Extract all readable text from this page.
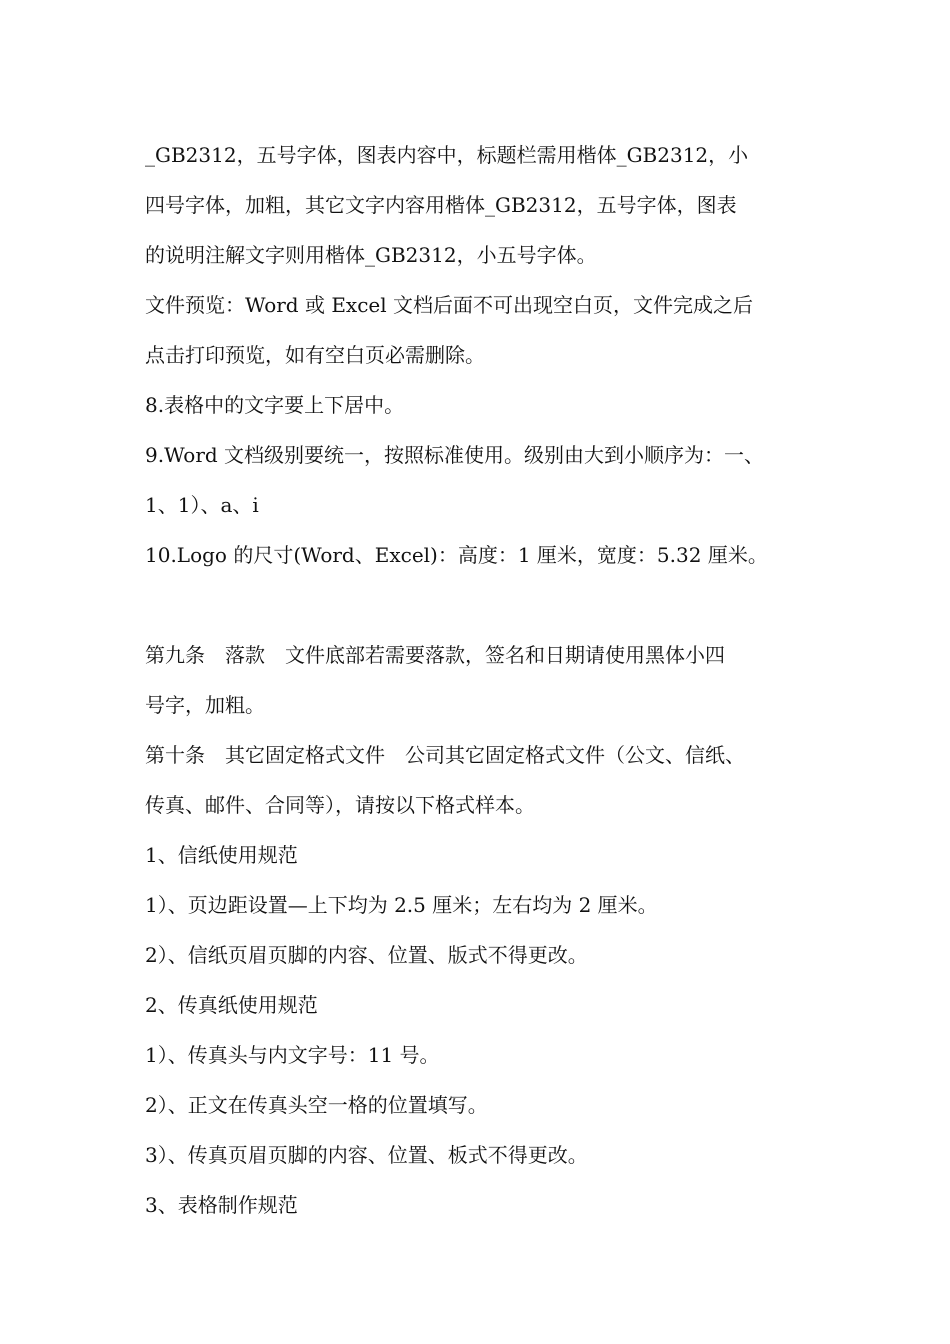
_GB2312，五号字体，图表内容中，标题栏需用楷体_GB2312，小
四号字体，加粗，其它文字内容用楷体_GB2312，五号字体，图表
的说明注解文字则用楷体_GB2312，小五号字体。
文件预览：Word 或 Excel 文档后面不可出现空白页，文件完成之后
点击打印预览，如有空白页必需删除。
8.表格中的文字要上下居中。
9.Word 文档级别要统一，按照标准使用。级别由大到小顺序为：一、
1、1）、a、i
10.Logo 的尺寸(Word、Excel)：高度：1 厘米，宽度：5.32 厘米。
第九条　落款　文件底部若需要落款，签名和日期请使用黑体小四
号字，加粗。
第十条　其它固定格式文件　公司其它固定格式文件（公文、信纸、
传真、邮件、合同等），请按以下格式样本。
1、信纸使用规范
1）、页边距设置—上下均为 2.5 厘米；左右均为 2 厘米。
2）、信纸页眉页脚的内容、位置、版式不得更改。
2、传真纸使用规范
1）、传真头与内文字号：11 号。
2）、正文在传真头空一格的位置填写。
3）、传真页眉页脚的内容、位置、板式不得更改。
3、表格制作规范
